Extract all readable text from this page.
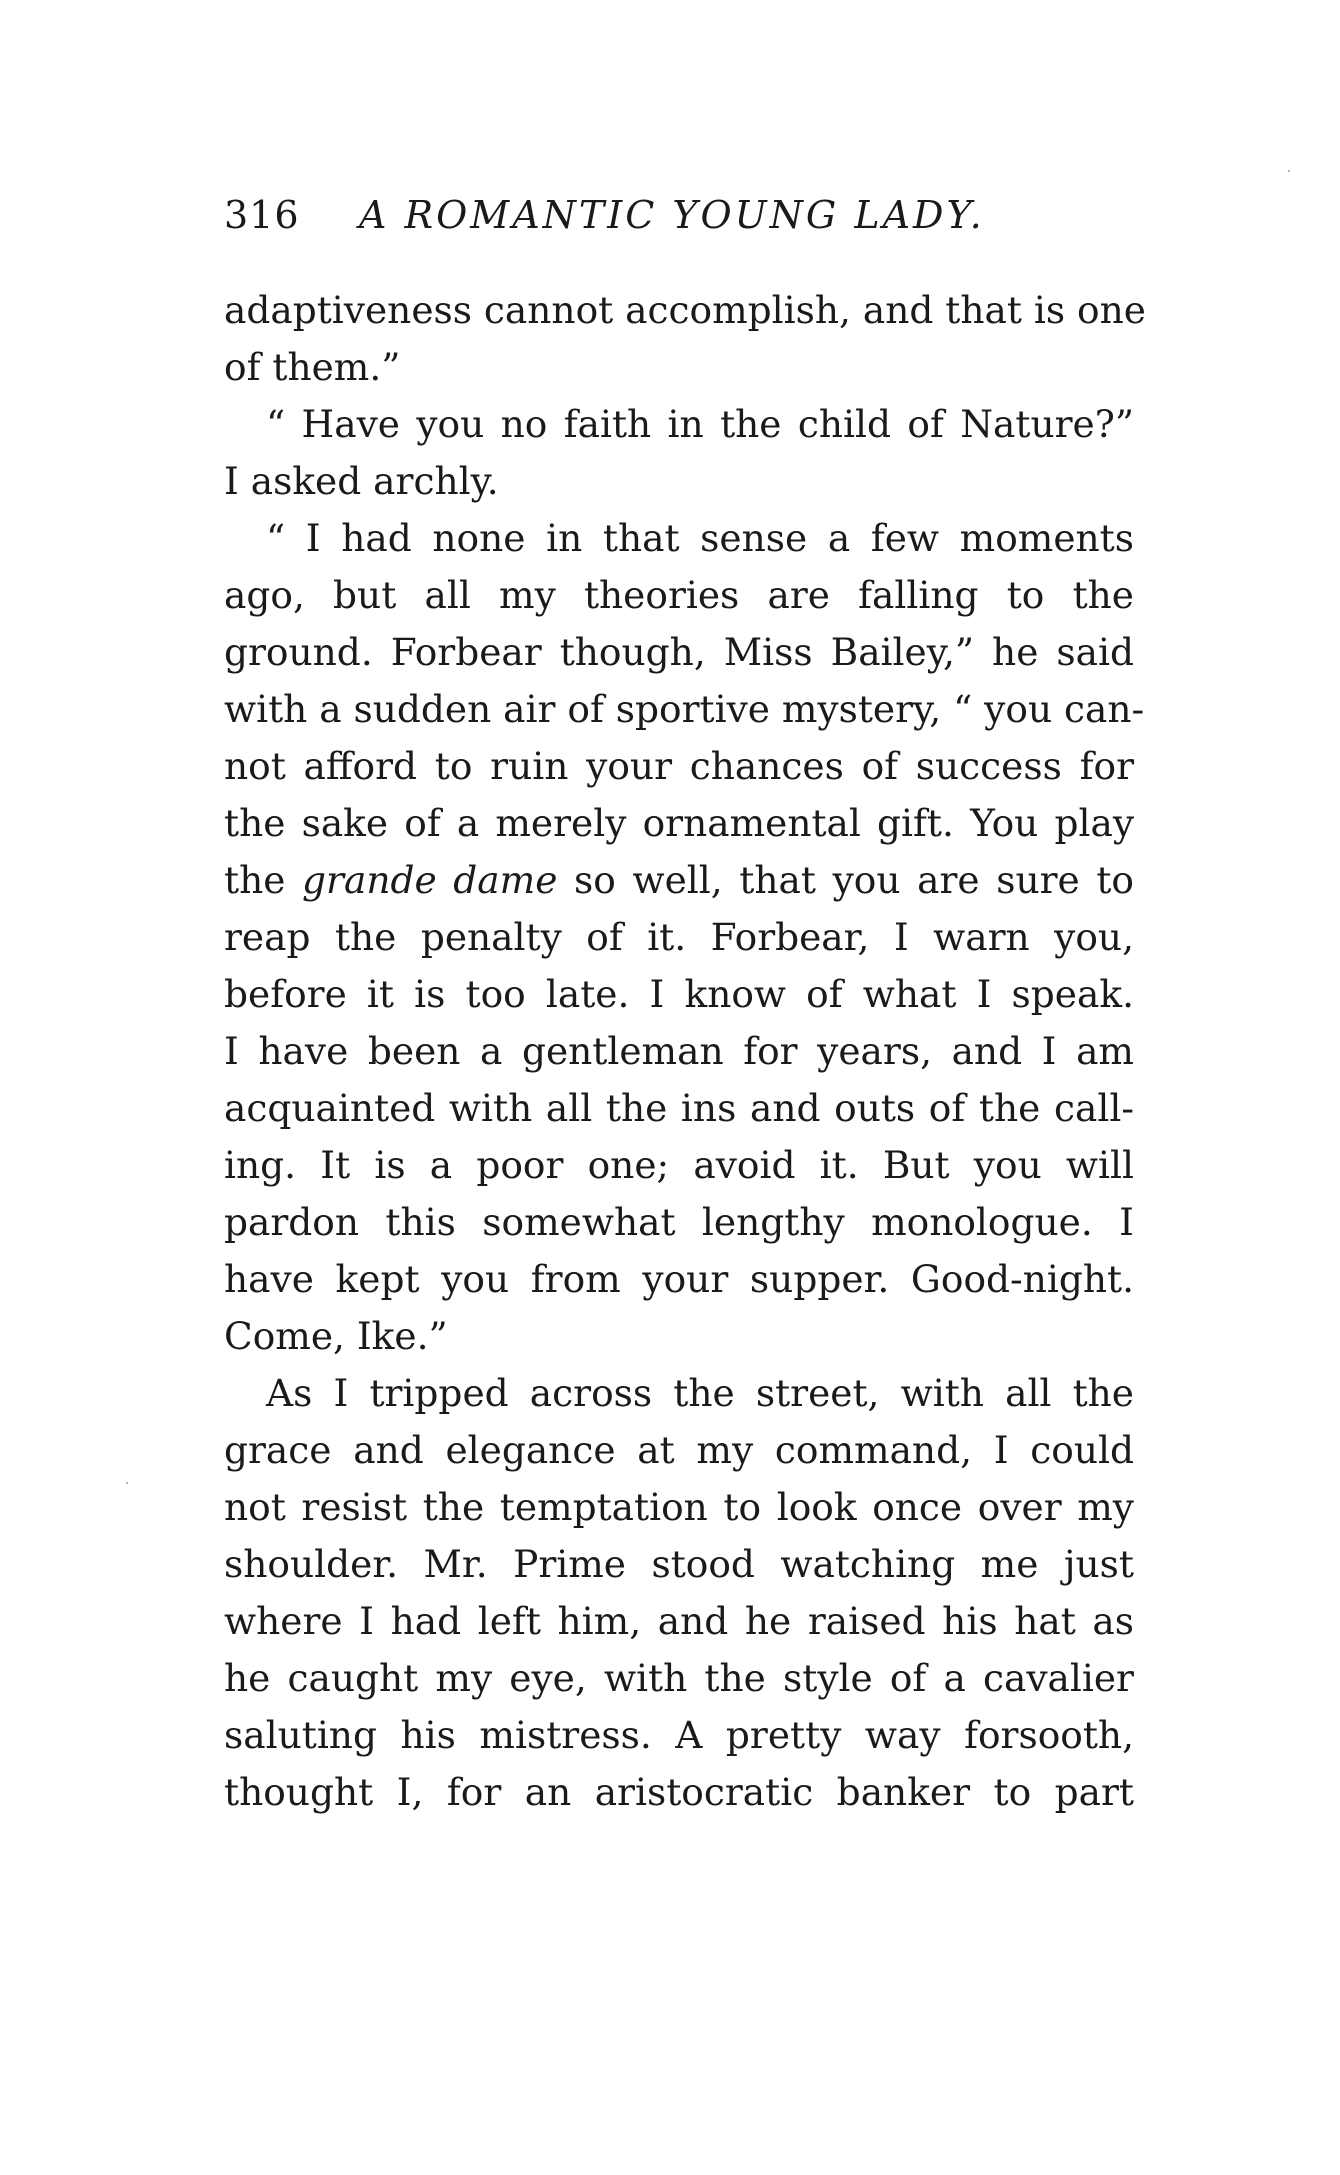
316 A ROMANTIC YOUNG LADY.
adaptiveness cannot accomplish, and that is one
of them.”
“ Have you no faith in the child of Nature?”
I asked archly.
“ I had none in that sense a few moments
ago, but all my theories are falling to the
ground. Forbear though, Miss Bailey,” he said
with a sudden air of sportive mystery, “ you can-
not afford to ruin your chances of success for
the sake of a merely ornamental gift. You play
the grande dame so well, that you are sure to
reap the penalty of it. Forbear, I warn you,
before it is too late. I know of what I speak.
I have been a gentleman for years, and I am
acquainted with all the ins and outs of the call-
ing. It is a poor one; avoid it. But you will
pardon this somewhat lengthy monologue. I
have kept you from your supper. Good-night.
Come, Ike.”
As I tripped across the street, with all the
grace and elegance at my command, I could
not resist the temptation to look once over my
shoulder. Mr. Prime stood watching me just
where I had left him, and he raised his hat as
he caught my eye, with the style of a cavalier
saluting his mistress. A pretty way forsooth,
thought I, for an aristocratic banker to part
